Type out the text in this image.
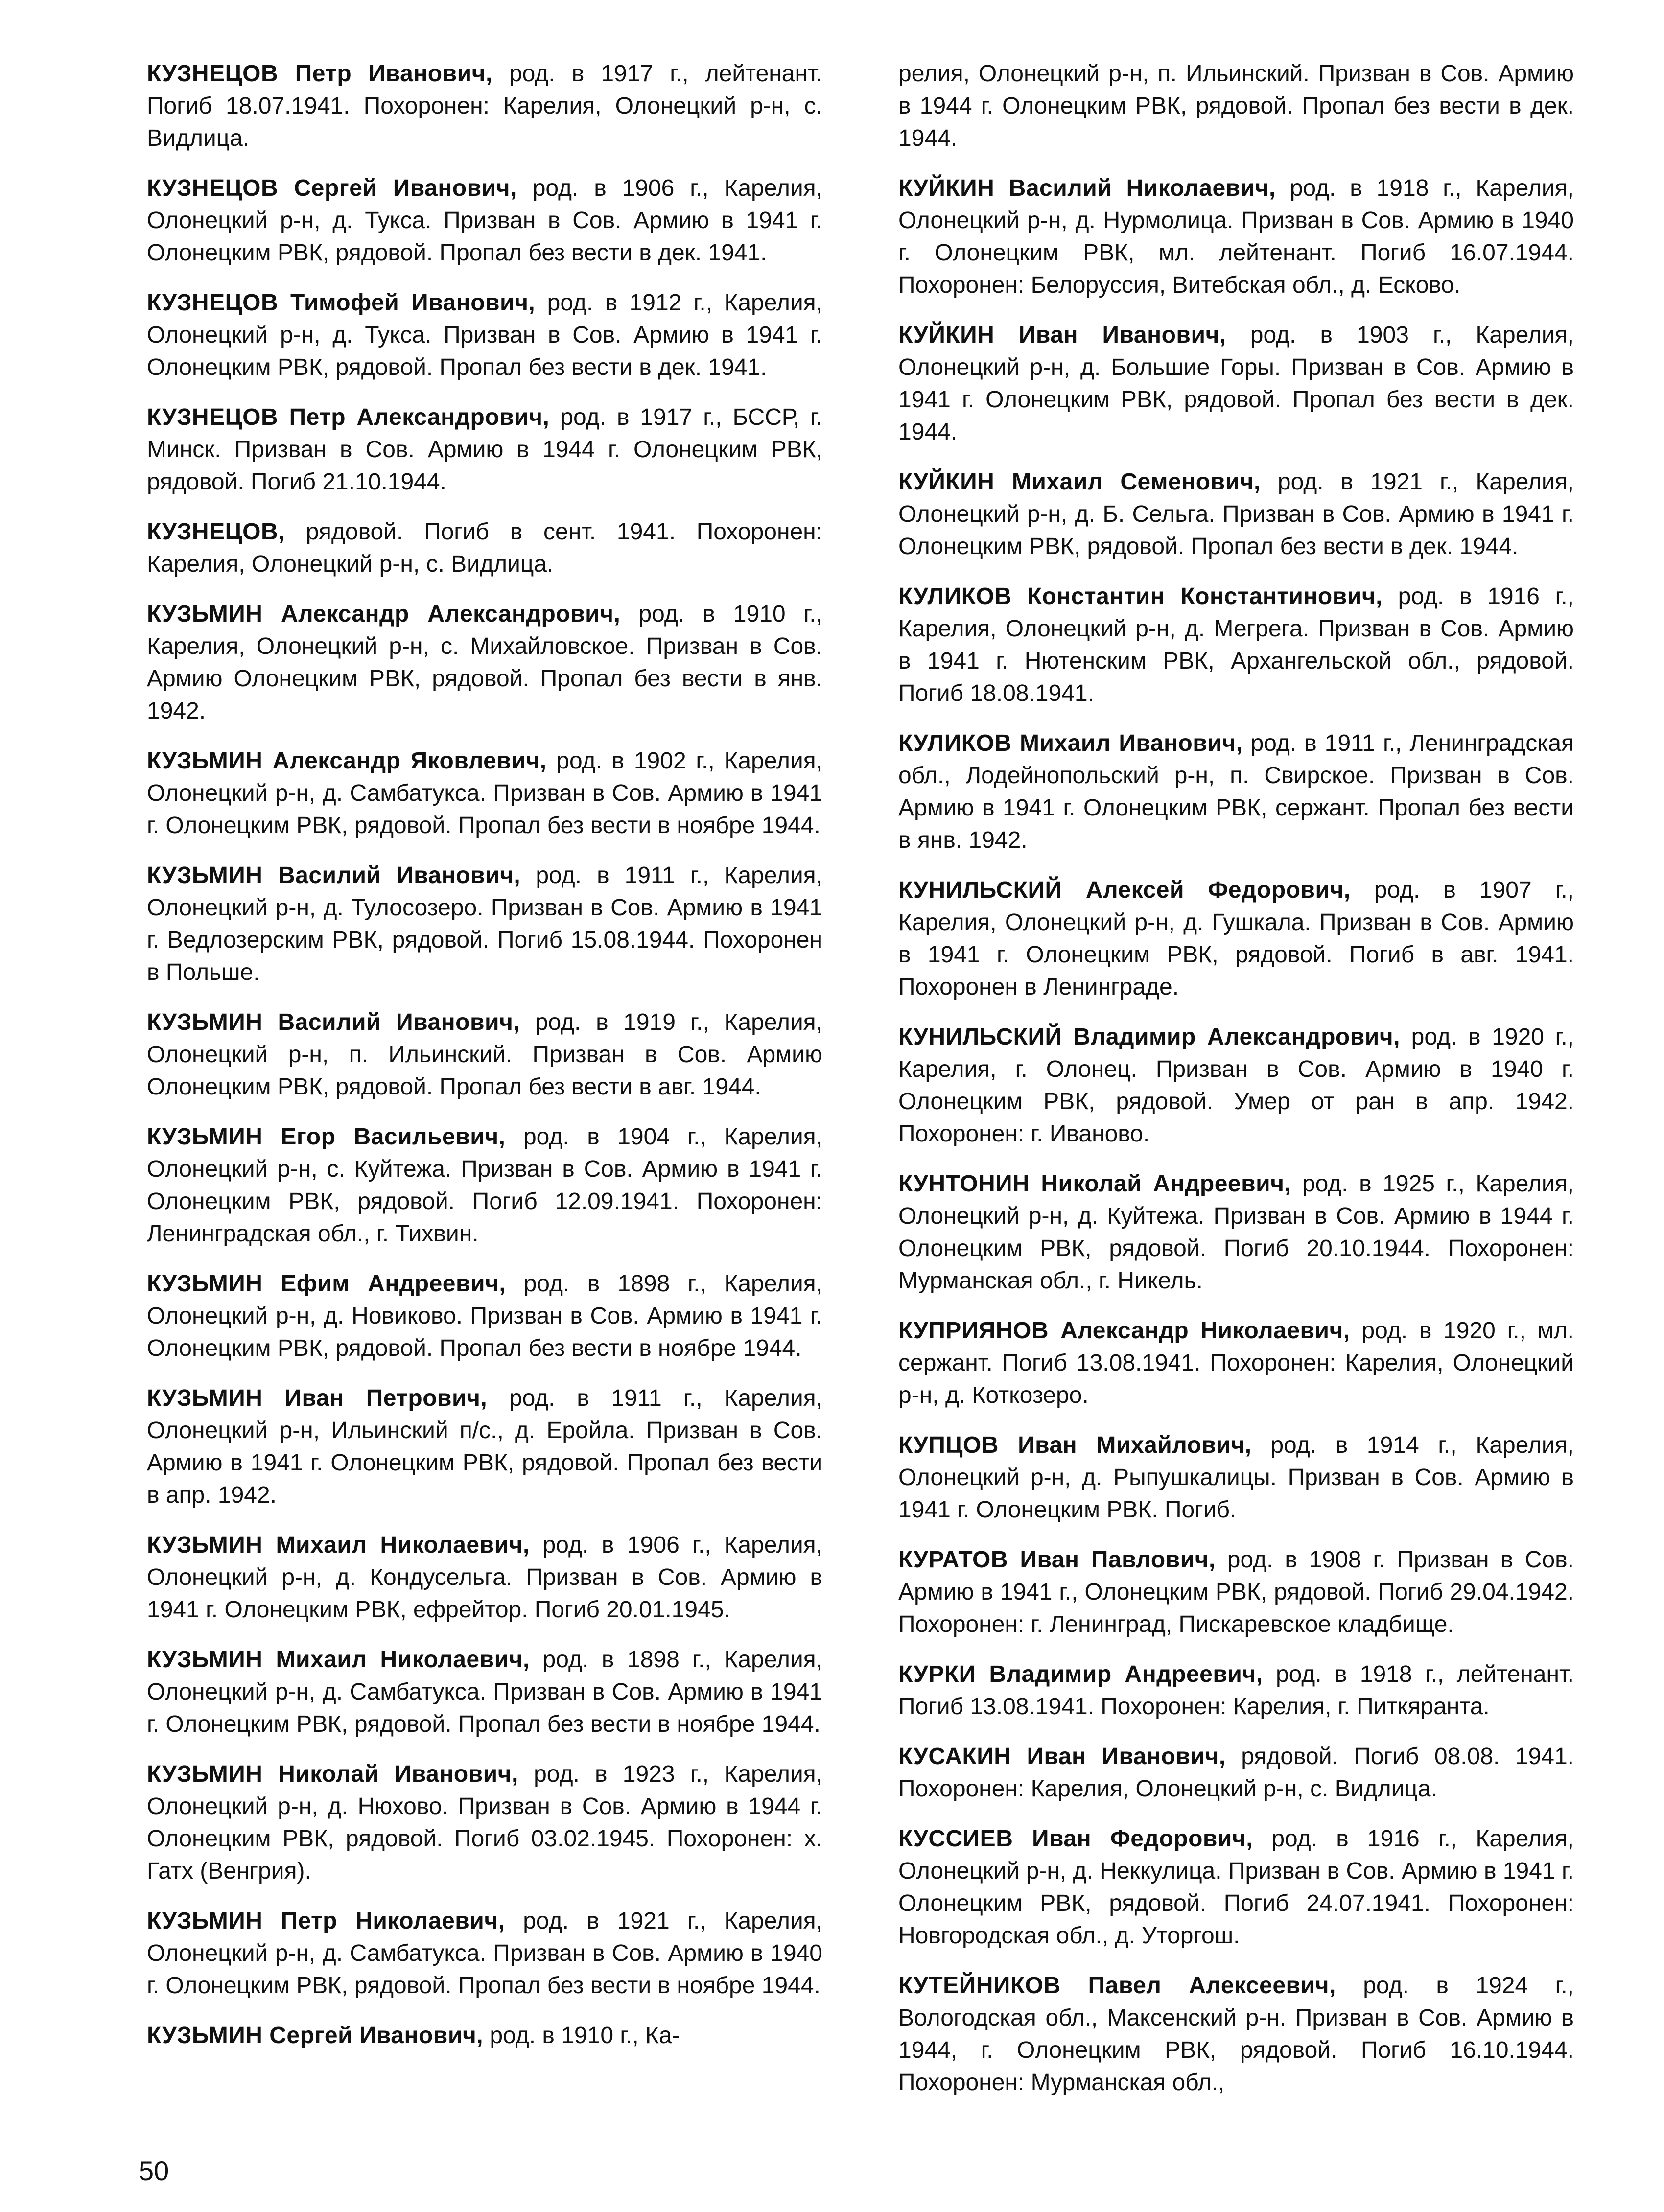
КУЗНЕЦОВ Петр Иванович, род. в 1917 г., лейтенант. Погиб 18.07.1941. Похоронен: Карелия, Олонецкий р-н, с. Видлица.

КУЗНЕЦОВ Сергей Иванович, род. в 1906 г., Карелия, Олонецкий р-н, д. Тукса. Призван в Сов. Армию в 1941 г. Олонецким РВК, рядовой. Пропал без вести в дек. 1941.

КУЗНЕЦОВ Тимофей Иванович, род. в 1912 г., Карелия, Олонецкий р-н, д. Тукса. Призван в Сов. Армию в 1941 г. Олонецким РВК, рядовой. Пропал без вести в дек. 1941.

КУЗНЕЦОВ Петр Александрович, род. в 1917 г., БССР, г. Минск. Призван в Сов. Армию в 1944 г. Олонецким РВК, рядовой. Погиб 21.10.1944.

КУЗНЕЦОВ, рядовой. Погиб в сент. 1941. Похоронен: Карелия, Олонецкий р-н, с. Видлица.

КУЗЬМИН Александр Александрович, род. в 1910 г., Карелия, Олонецкий р-н, с. Михайловское. Призван в Сов. Армию Олонецким РВК, рядовой. Пропал без вести в янв. 1942.

КУЗЬМИН Александр Яковлевич, род. в 1902 г., Карелия, Олонецкий р-н, д. Самбатукса. Призван в Сов. Армию в 1941 г. Олонецким РВК, рядовой. Пропал без вести в ноябре 1944.

КУЗЬМИН Василий Иванович, род. в 1911 г., Карелия, Олонецкий р-н, д. Тулосозеро. Призван в Сов. Армию в 1941 г. Ведлозерским РВК, рядовой. Погиб 15.08.1944. Похоронен в Польше.

КУЗЬМИН Василий Иванович, род. в 1919 г., Карелия, Олонецкий р-н, п. Ильинский. Призван в Сов. Армию Олонецким РВК, рядовой. Пропал без вести в авг. 1944.

КУЗЬМИН Егор Васильевич, род. в 1904 г., Карелия, Олонецкий р-н, с. Куйтежа. Призван в Сов. Армию в 1941 г. Олонецким РВК, рядовой. Погиб 12.09.1941. Похоронен: Ленинградская обл., г. Тихвин.

КУЗЬМИН Ефим Андреевич, род. в 1898 г., Карелия, Олонецкий р-н, д. Новиково. Призван в Сов. Армию в 1941 г. Олонецким РВК, рядовой. Пропал без вести в ноябре 1944.

КУЗЬМИН Иван Петрович, род. в 1911 г., Карелия, Олонецкий р-н, Ильинский п/с., д. Еройла. Призван в Сов. Армию в 1941 г. Олонецким РВК, рядовой. Пропал без вести в апр. 1942.

КУЗЬМИН Михаил Николаевич, род. в 1906 г., Карелия, Олонецкий р-н, д. Кондусельга. Призван в Сов. Армию в 1941 г. Олонецким РВК, ефрейтор. Погиб 20.01.1945.

КУЗЬМИН Михаил Николаевич, род. в 1898 г., Карелия, Олонецкий р-н, д. Самбатукса. Призван в Сов. Армию в 1941 г. Олонецким РВК, рядовой. Пропал без вести в ноябре 1944.

КУЗЬМИН Николай Иванович, род. в 1923 г., Карелия, Олонецкий р-н, д. Нюхово. Призван в Сов. Армию в 1944 г. Олонецким РВК, рядовой. Погиб 03.02.1945. Похоронен: х. Гатх (Венгрия).

КУЗЬМИН Петр Николаевич, род. в 1921 г., Карелия, Олонецкий р-н, д. Самбатукса. Призван в Сов. Армию в 1940 г. Олонецким РВК, рядовой. Пропал без вести в ноябре 1944.

КУЗЬМИН Сергей Иванович, род. в 1910 г., Ка-

релия, Олонецкий р-н, п. Ильинский. Призван в Сов. Армию в 1944 г. Олонецким РВК, рядовой. Пропал без вести в дек. 1944.

КУЙКИН Василий Николаевич, род. в 1918 г., Карелия, Олонецкий р-н, д. Нурмолица. Призван в Сов. Армию в 1940 г. Олонецким РВК, мл. лейтенант. Погиб 16.07.1944. Похоронен: Белоруссия, Витебская обл., д. Есково.

КУЙКИН Иван Иванович, род. в 1903 г., Карелия, Олонецкий р-н, д. Большие Горы. Призван в Сов. Армию в 1941 г. Олонецким РВК, рядовой. Пропал без вести в дек. 1944.

КУЙКИН Михаил Семенович, род. в 1921 г., Карелия, Олонецкий р-н, д. Б. Сельга. Призван в Сов. Армию в 1941 г. Олонецким РВК, рядовой. Пропал без вести в дек. 1944.

КУЛИКОВ Константин Константинович, род. в 1916 г., Карелия, Олонецкий р-н, д. Мегрега. Призван в Сов. Армию в 1941 г. Нютенским РВК, Архангельской обл., рядовой. Погиб 18.08.1941.

КУЛИКОВ Михаил Иванович, род. в 1911 г., Ленинградская обл., Лодейнопольский р-н, п. Свирское. Призван в Сов. Армию в 1941 г. Олонецким РВК, сержант. Пропал без вести в янв. 1942.

КУНИЛЬСКИЙ Алексей Федорович, род. в 1907 г., Карелия, Олонецкий р-н, д. Гушкала. Призван в Сов. Армию в 1941 г. Олонецким РВК, рядовой. Погиб в авг. 1941. Похоронен в Ленинграде.

КУНИЛЬСКИЙ Владимир Александрович, род. в 1920 г., Карелия, г. Олонец. Призван в Сов. Армию в 1940 г. Олонецким РВК, рядовой. Умер от ран в апр. 1942. Похоронен: г. Иваново.

КУНТОНИН Николай Андреевич, род. в 1925 г., Карелия, Олонецкий р-н, д. Куйтежа. Призван в Сов. Армию в 1944 г. Олонецким РВК, рядовой. Погиб 20.10.1944. Похоронен: Мурманская обл., г. Никель.

КУПРИЯНОВ Александр Николаевич, род. в 1920 г., мл. сержант. Погиб 13.08.1941. Похоронен: Карелия, Олонецкий р-н, д. Коткозеро.

КУПЦОВ Иван Михайлович, род. в 1914 г., Карелия, Олонецкий р-н, д. Рыпушкалицы. Призван в Сов. Армию в 1941 г. Олонецким РВК. Погиб.

КУРАТОВ Иван Павлович, род. в 1908 г. Призван в Сов. Армию в 1941 г., Олонецким РВК, рядовой. Погиб 29.04.1942. Похоронен: г. Ленинград, Пискаревское кладбище.

КУРКИ Владимир Андреевич, род. в 1918 г., лейтенант. Погиб 13.08.1941. Похоронен: Карелия, г. Питкяранта.

КУСАКИН Иван Иванович, рядовой. Погиб 08.08. 1941. Похоронен: Карелия, Олонецкий р-н, с. Видлица.

КУССИЕВ Иван Федорович, род. в 1916 г., Карелия, Олонецкий р-н, д. Неккулица. Призван в Сов. Армию в 1941 г. Олонецким РВК, рядовой. Погиб 24.07.1941. Похоронен: Новгородская обл., д. Уторгош.

КУТЕЙНИКОВ Павел Алексеевич, род. в 1924 г., Вологодская обл., Максенский р-н. Призван в Сов. Армию в 1944, г. Олонецким РВК, рядовой. Погиб 16.10.1944. Похоронен: Мурманская обл.,

50
